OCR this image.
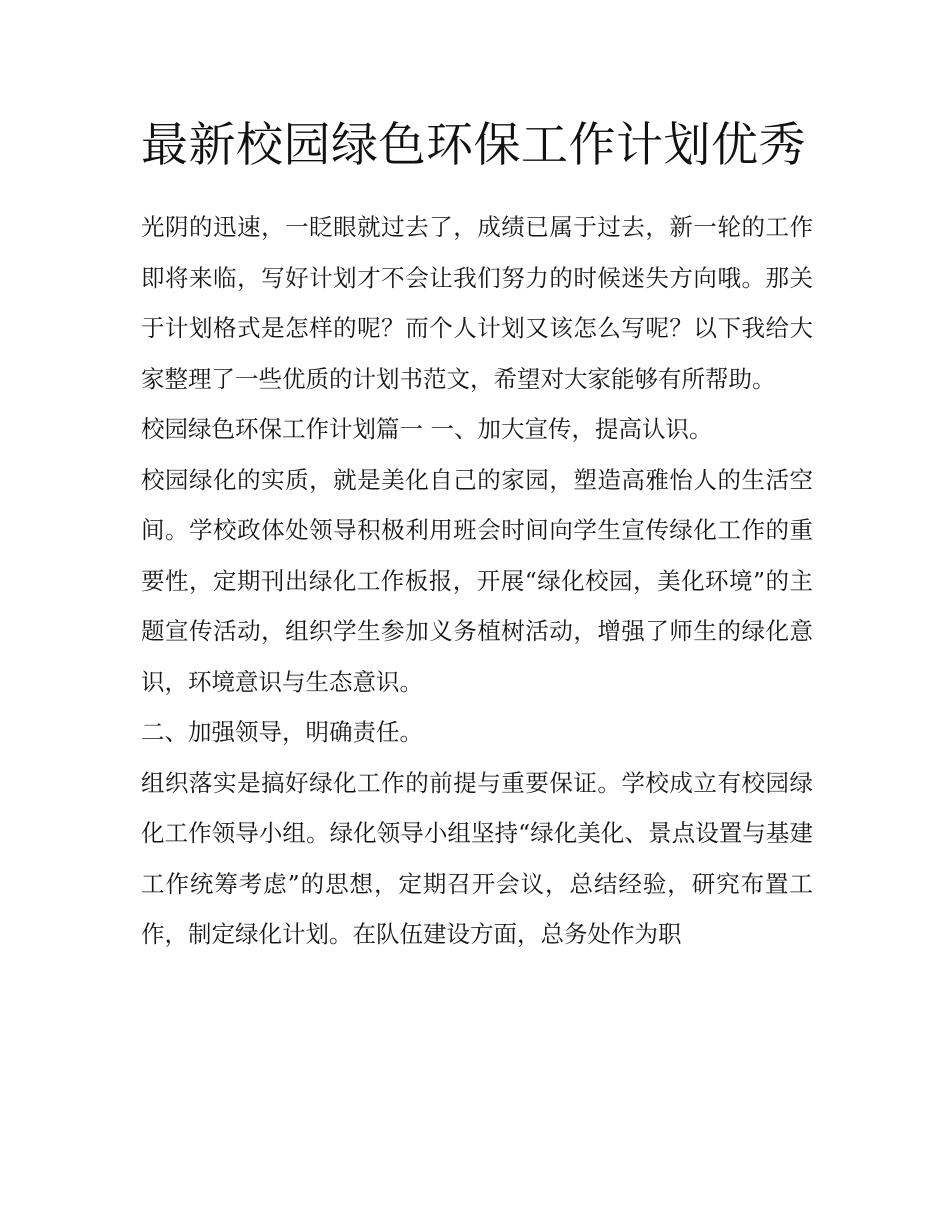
最新校园绿色环保工作计划优秀

光阴的迅速，一眨眼就过去了，成绩已属于过去，新一轮的工作即将来临，写好计划才不会让我们努力的时候迷失方向哦。那关于计划格式是怎样的呢？而个人计划又该怎么写呢？以下我给大家整理了一些优质的计划书范文，希望对大家能够有所帮助。

校园绿色环保工作计划篇一 一、加大宣传，提高认识。

校园绿化的实质，就是美化自己的家园，塑造高雅怡人的生活空间。学校政体处领导积极利用班会时间向学生宣传绿化工作的重要性，定期刊出绿化工作板报，开展“绿化校园，美化环境”的主题宣传活动，组织学生参加义务植树活动，增强了师生的绿化意识，环境意识与生态意识。

二、加强领导，明确责任。

组织落实是搞好绿化工作的前提与重要保证。学校成立有校园绿化工作领导小组。绿化领导小组坚持“绿化美化、景点设置与基建工作统筹考虑”的思想，定期召开会议，总结经验，研究布置工作，制定绿化计划。在队伍建设方面，总务处作为职
